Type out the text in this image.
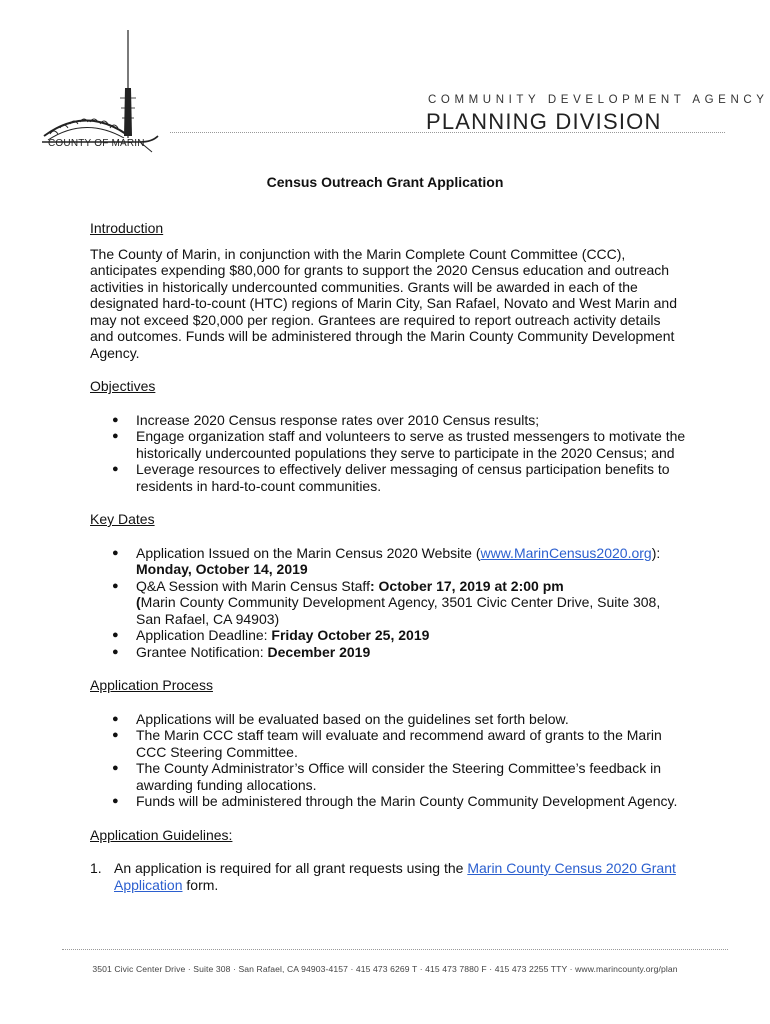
COUNTY OF MARIN
COMMUNITY DEVELOPMENT AGENCY
PLANNING DIVISION
Census Outreach Grant Application
Introduction

The County of Marin, in conjunction with the Marin Complete Count Committee (CCC),
anticipates expending $80,000 for grants to support the 2020 Census education and outreach
activities in historically undercounted communities. Grants will be awarded in each of the
designated hard-to-count (HTC) regions of Marin City, San Rafael, Novato and West Marin and
may not exceed $20,000 per region. Grantees are required to report outreach activity details
and outcomes. Funds will be administered through the Marin County Community Development
Agency.

Objectives
● Increase 2020 Census response rates over 2010 Census results;
● Engage organization staff and volunteers to serve as trusted messengers to motivate the
historically undercounted populations they serve to participate in the 2020 Census; and
● Leverage resources to effectively deliver messaging of census participation benefits to
residents in hard-to-count communities.
Key Dates
● Application Issued on the Marin Census 2020 Website (www.MarinCensus2020.org):
Monday, October 14, 2019
● Q&A Session with Marin Census Staff: October 17, 2019 at 2:00 pm
(Marin County Community Development Agency, 3501 Civic Center Drive, Suite 308,
San Rafael, CA 94903)
● Application Deadline: Friday October 25, 2019
● Grantee Notification: December 2019
Application Process
● Applications will be evaluated based on the guidelines set forth below.
● The Marin CCC staff team will evaluate and recommend award of grants to the Marin
CCC Steering Committee.
● The County Administrator’s Office will consider the Steering Committee’s feedback in
awarding funding allocations.
● Funds will be administered through the Marin County Community Development Agency.
Application Guidelines:
1. An application is required for all grant requests using the Marin County Census 2020 Grant
Application form.
3501 Civic Center Drive · Suite 308 · San Rafael, CA 94903-4157 · 415 473 6269 T · 415 473 7880 F · 415 473 2255 TTY · www.marincounty.org/plan
